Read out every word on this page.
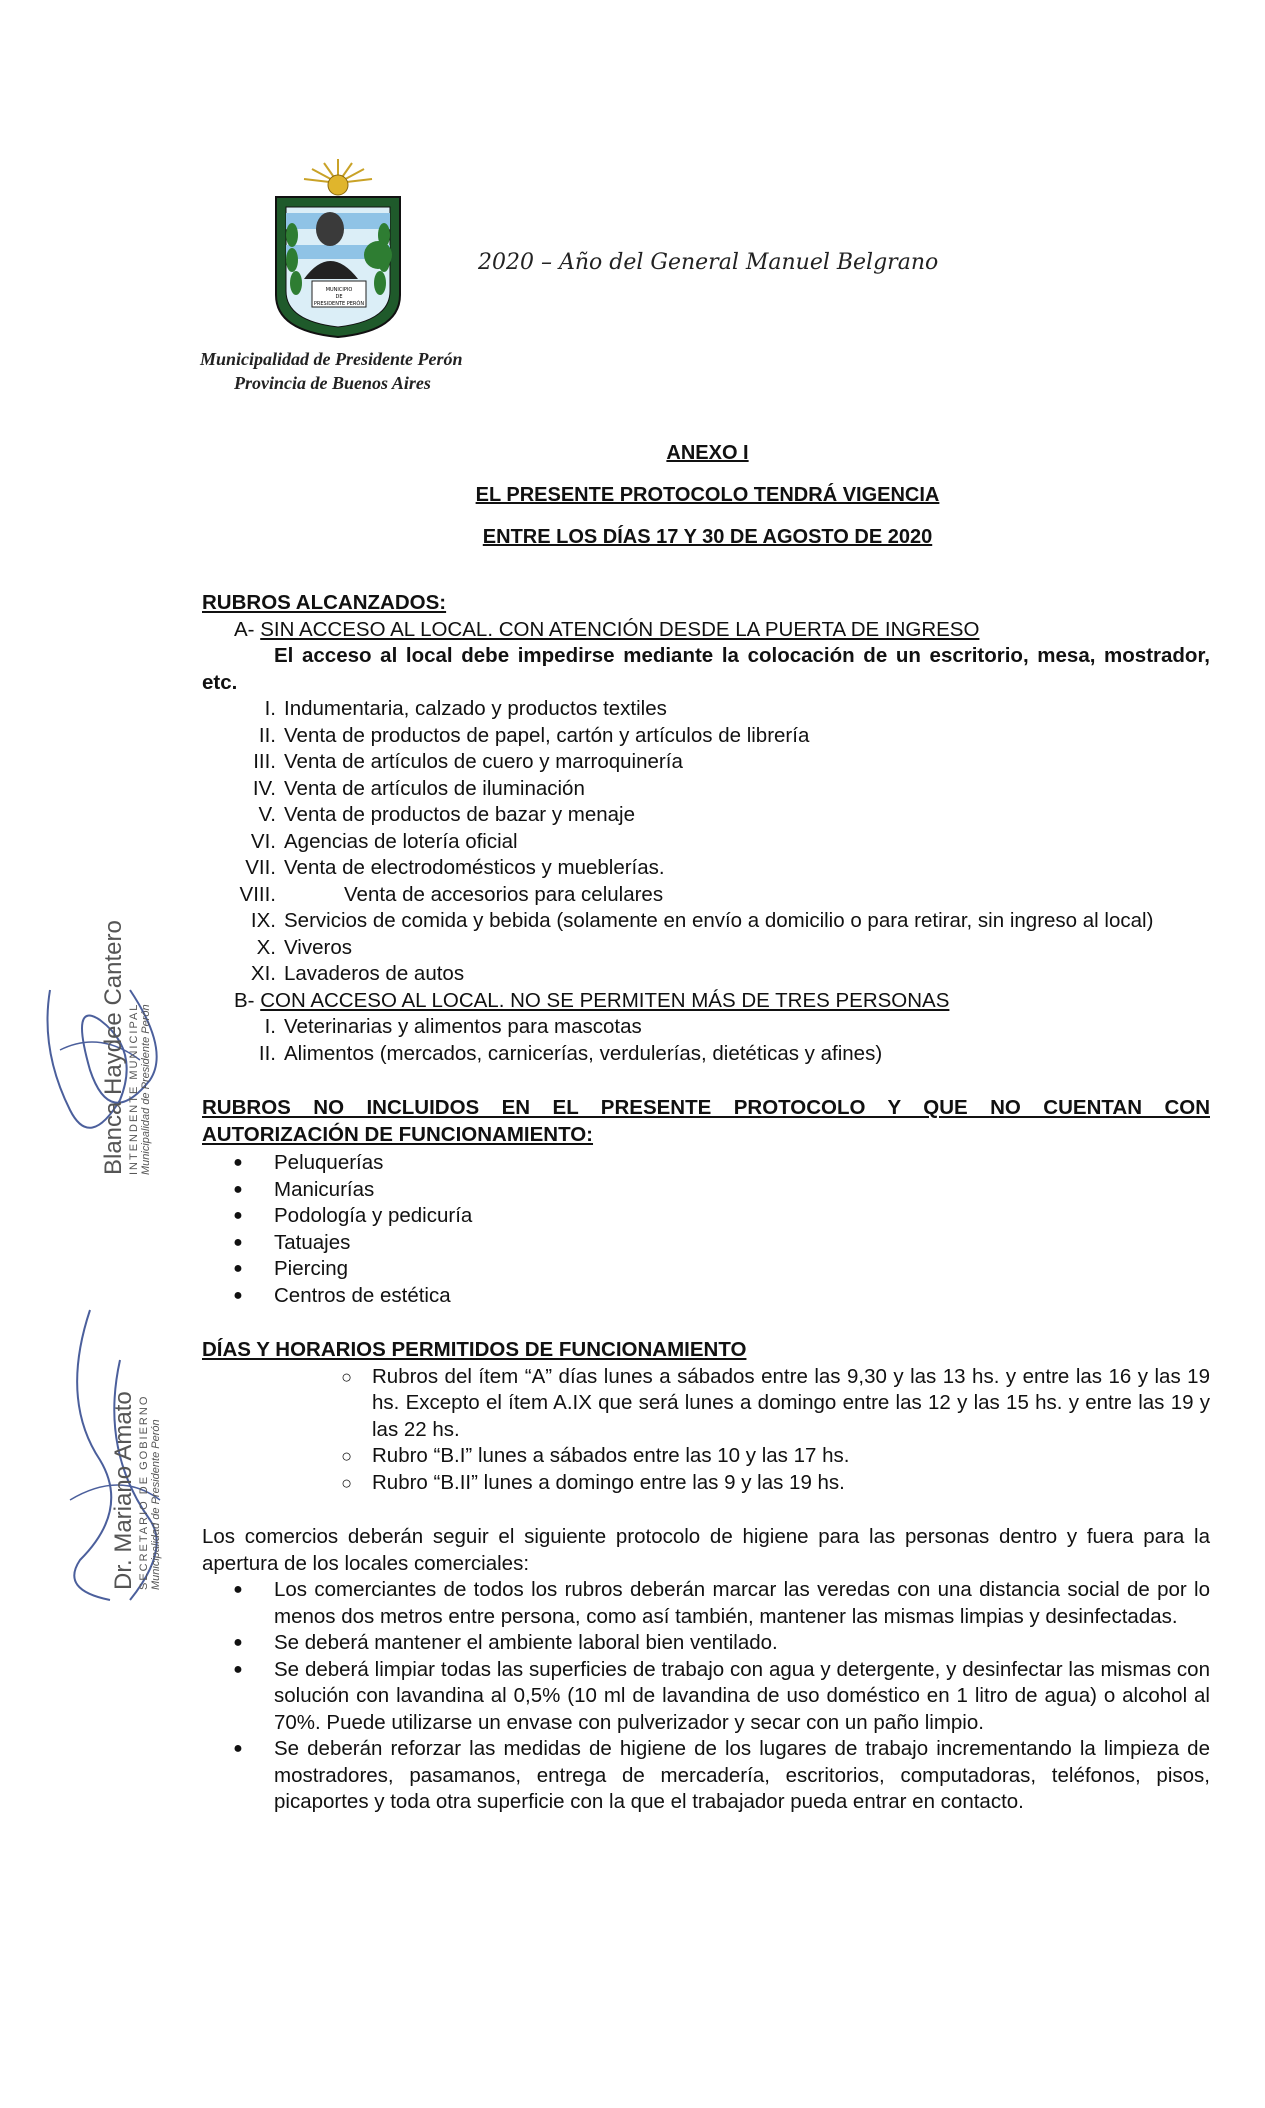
MUNICIPIO
DE
PRESIDENTE PERÓN
2020 – Año del General Manuel Belgrano
Municipalidad de Presidente Perón
Provincia de Buenos Aires
ANEXO I
EL PRESENTE PROTOCOLO TENDRÁ VIGENCIA
ENTRE LOS DÍAS 17 Y 30 DE AGOSTO DE 2020
RUBROS ALCANZADOS:
A- SIN ACCESO AL LOCAL. CON ATENCIÓN DESDE LA PUERTA DE INGRESO
El acceso al local debe impedirse mediante la colocación de un escritorio, mesa, mostrador, etc.
I. Indumentaria, calzado y productos textiles
II. Venta de productos de papel, cartón y artículos de librería
III. Venta de artículos de cuero y marroquinería
IV. Venta de artículos de iluminación
V. Venta de productos de bazar y menaje
VI. Agencias de lotería oficial
VII. Venta de electrodomésticos y mueblerías.
VIII.	Venta de accesorios para celulares
IX. Servicios de comida y bebida (solamente en envío a domicilio o para retirar, sin ingreso al local)
X. Viveros
XI. Lavaderos de autos
B- CON ACCESO AL LOCAL. NO SE PERMITEN MÁS DE TRES PERSONAS
I. Veterinarias y alimentos para mascotas
II. Alimentos (mercados, carnicerías, verdulerías, dietéticas y afines)
RUBROS NO INCLUIDOS EN EL PRESENTE PROTOCOLO Y QUE NO CUENTAN CON
AUTORIZACIÓN DE FUNCIONAMIENTO:
●	Peluquerías
●	Manicurías
●	Podología y pedicuría
●	Tatuajes
●	Piercing
●	Centros de estética
DÍAS Y HORARIOS PERMITIDOS DE FUNCIONAMIENTO
○ Rubros del ítem “A” días lunes a sábados entre las 9,30 y las 13 hs. y entre las 16 y las 19 hs. Excepto el ítem A.IX que será lunes a domingo entre las 12 y las 15 hs. y entre las 19 y las 22 hs.
○ Rubro “B.I” lunes a sábados entre las 10 y las 17 hs.
○ Rubro “B.II” lunes a domingo entre las 9 y las 19 hs.
Los comercios deberán seguir el siguiente protocolo de higiene para las personas dentro y fuera para la apertura de los locales comerciales:
●	Los comerciantes de todos los rubros deberán marcar las veredas con una distancia social de por lo menos dos metros entre persona, como así también, mantener las mismas limpias y desinfectadas.
●	Se deberá mantener el ambiente laboral bien ventilado.
●	Se deberá limpiar todas las superficies de trabajo con agua y detergente, y desinfectar las mismas con solución con lavandina al 0,5% (10 ml de lavandina de uso doméstico en 1 litro de agua) o alcohol al 70%. Puede utilizarse un envase con pulverizador y secar con un paño limpio.
●	Se deberán reforzar las medidas de higiene de los lugares de trabajo incrementando la limpieza de mostradores, pasamanos, entrega de mercadería, escritorios, computadoras, teléfonos, pisos, picaportes y toda otra superficie con la que el trabajador pueda entrar en contacto.
Blanca Haydee Cantero INTENDENTE MUNICIPAL Municipalidad de Presidente Perón
Dr. Mariano Amato SECRETARIO DE GOBIERNO Municipalidad de Presidente Perón
